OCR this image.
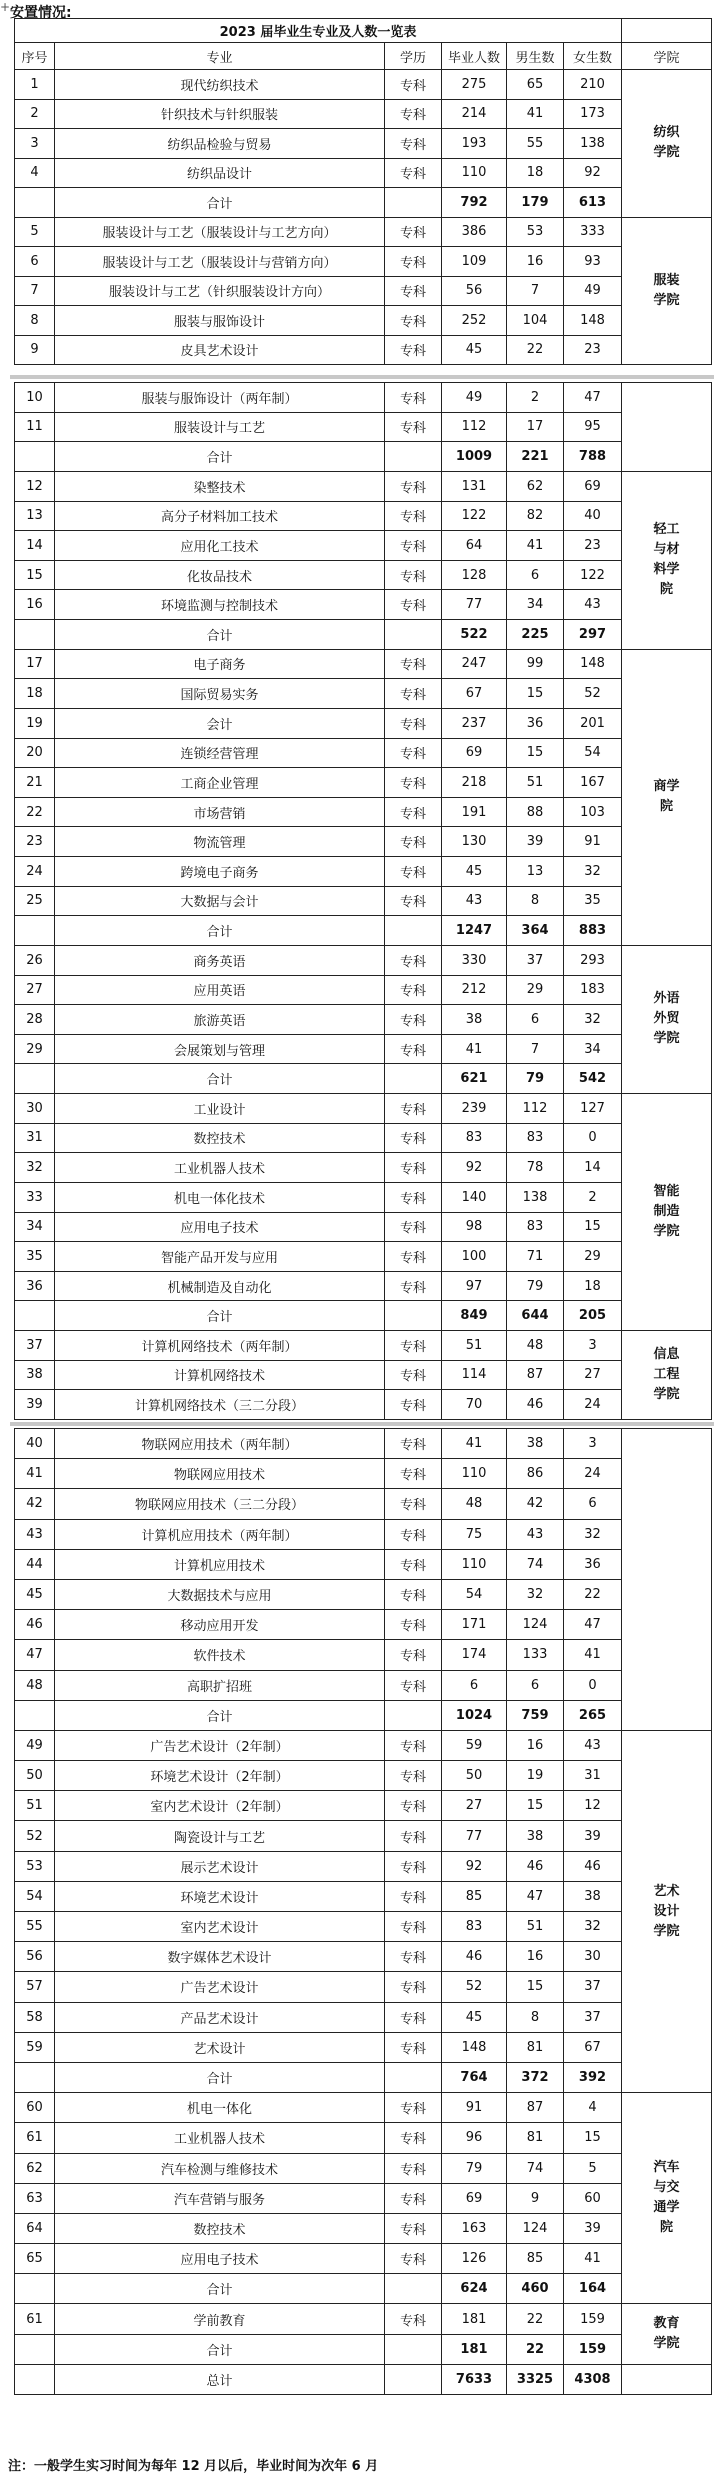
+ 安置情况:
2023 届毕业生专业及人数一览表						
序号	专业	学历	毕业人数	男生数	女生数	学院
1	现代纺织技术	专科	275	65	210	纺织学院
2	针织技术与针织服装	专科	214	41	173	
3	纺织品检验与贸易	专科	193	55	138	
4	纺织品设计	专科	110	18	92	
	合计		792	179	613	
5	服装设计与工艺（服装设计与工艺方向）	专科	386	53	333	服装学院
6	服装设计与工艺（服装设计与营销方向）	专科	109	16	93	
7	服装设计与工艺（针织服装设计方向）	专科	56	7	49	
8	服装与服饰设计	专科	252	104	148	
9	皮具艺术设计	专科	45	22	23	
10	服装与服饰设计（两年制）	专科	49	2	47	
11	服装设计与工艺	专科	112	17	95	
	合计		1009	221	788	
12	染整技术	专科	131	62	69	轻工与材料学院
13	高分子材料加工技术	专科	122	82	40	
14	应用化工技术	专科	64	41	23	
15	化妆品技术	专科	128	6	122	
16	环境监测与控制技术	专科	77	34	43	
	合计		522	225	297	
17	电子商务	专科	247	99	148	商学院
18	国际贸易实务	专科	67	15	52	
19	会计	专科	237	36	201	
20	连锁经营管理	专科	69	15	54	
21	工商企业管理	专科	218	51	167	
22	市场营销	专科	191	88	103	
23	物流管理	专科	130	39	91	
24	跨境电子商务	专科	45	13	32	
25	大数据与会计	专科	43	8	35	
	合计		1247	364	883	
26	商务英语	专科	330	37	293	外语外贸学院
27	应用英语	专科	212	29	183	
28	旅游英语	专科	38	6	32	
29	会展策划与管理	专科	41	7	34	
	合计		621	79	542	
30	工业设计	专科	239	112	127	智能制造学院
31	数控技术	专科	83	83	0	
32	工业机器人技术	专科	92	78	14	
33	机电一体化技术	专科	140	138	2	
34	应用电子技术	专科	98	83	15	
35	智能产品开发与应用	专科	100	71	29	
36	机械制造及自动化	专科	97	79	18	
	合计		849	644	205	
37	计算机网络技术（两年制）	专科	51	48	3	信息工程学院
38	计算机网络技术	专科	114	87	27	
39	计算机网络技术（三二分段）	专科	70	46	24	
40	物联网应用技术（两年制）	专科	41	38	3	
41	物联网应用技术	专科	110	86	24	
42	物联网应用技术（三二分段）	专科	48	42	6	
43	计算机应用技术（两年制）	专科	75	43	32	
44	计算机应用技术	专科	110	74	36	
45	大数据技术与应用	专科	54	32	22	
46	移动应用开发	专科	171	124	47	
47	软件技术	专科	174	133	41	
48	高职扩招班	专科	6	6	0	
	合计		1024	759	265	
49	广告艺术设计（2年制）	专科	59	16	43	艺术设计学院
50	环境艺术设计（2年制）	专科	50	19	31	
51	室内艺术设计（2年制）	专科	27	15	12	
52	陶瓷设计与工艺	专科	77	38	39	
53	展示艺术设计	专科	92	46	46	
54	环境艺术设计	专科	85	47	38	
55	室内艺术设计	专科	83	51	32	
56	数字媒体艺术设计	专科	46	16	30	
57	广告艺术设计	专科	52	15	37	
58	产品艺术设计	专科	45	8	37	
59	艺术设计	专科	148	81	67	
	合计		764	372	392	
60	机电一体化	专科	91	87	4	汽车与交通学院
61	工业机器人技术	专科	96	81	15	
62	汽车检测与维修技术	专科	79	74	5	
63	汽车营销与服务	专科	69	9	60	
64	数控技术	专科	163	124	39	
65	应用电子技术	专科	126	85	41	
	合计		624	460	164	
61	学前教育	专科	181	22	159	教育学院
	合计		181	22	159	
	总计		7633	3325	4308	
注：一般学生实习时间为每年 12 月以后，毕业时间为次年 6 月
